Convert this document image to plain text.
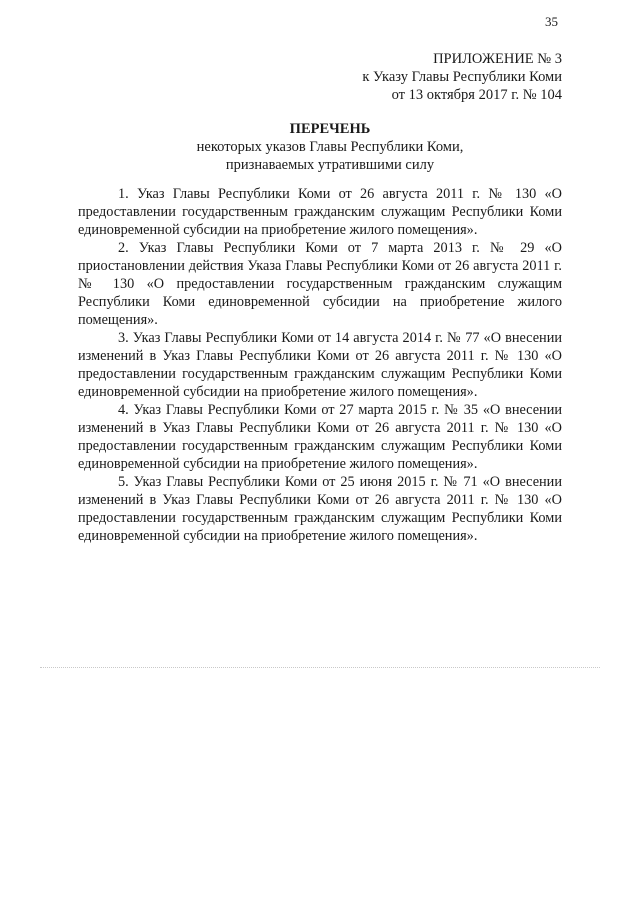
35
ПРИЛОЖЕНИЕ № 3
к Указу Главы Республики Коми
от 13 октября 2017 г. № 104
ПЕРЕЧЕНЬ
некоторых указов Главы Республики Коми,
признаваемых утратившими силу

1. Указ Главы Республики Коми от 26 августа 2011 г. № 130 «О предоставлении государственным гражданским служащим Республики Коми единовременной субсидии на приобретение жилого помещения».

2. Указ Главы Республики Коми от 7 марта 2013 г. № 29 «О приостановлении действия Указа Главы Республики Коми от 26 августа 2011 г. № 130 «О предоставлении государственным гражданским служащим Республики Коми единовременной субсидии на приобретение жилого помещения».

3. Указ Главы Республики Коми от 14 августа 2014 г. № 77 «О внесении изменений в Указ Главы Республики Коми от 26 августа 2011 г. № 130 «О предоставлении государственным гражданским служащим Республики Коми единовременной субсидии на приобретение жилого помещения».

4. Указ Главы Республики Коми от 27 марта 2015 г. № 35 «О внесении изменений в Указ Главы Республики Коми от 26 августа 2011 г. № 130 «О предоставлении государственным гражданским служащим Республики Коми единовременной субсидии на приобретение жилого помещения».

5. Указ Главы Республики Коми от 25 июня 2015 г. № 71 «О внесении изменений в Указ Главы Республики Коми от 26 августа 2011 г. № 130 «О предоставлении государственным гражданским служащим Республики Коми единовременной субсидии на приобретение жилого помещения».
